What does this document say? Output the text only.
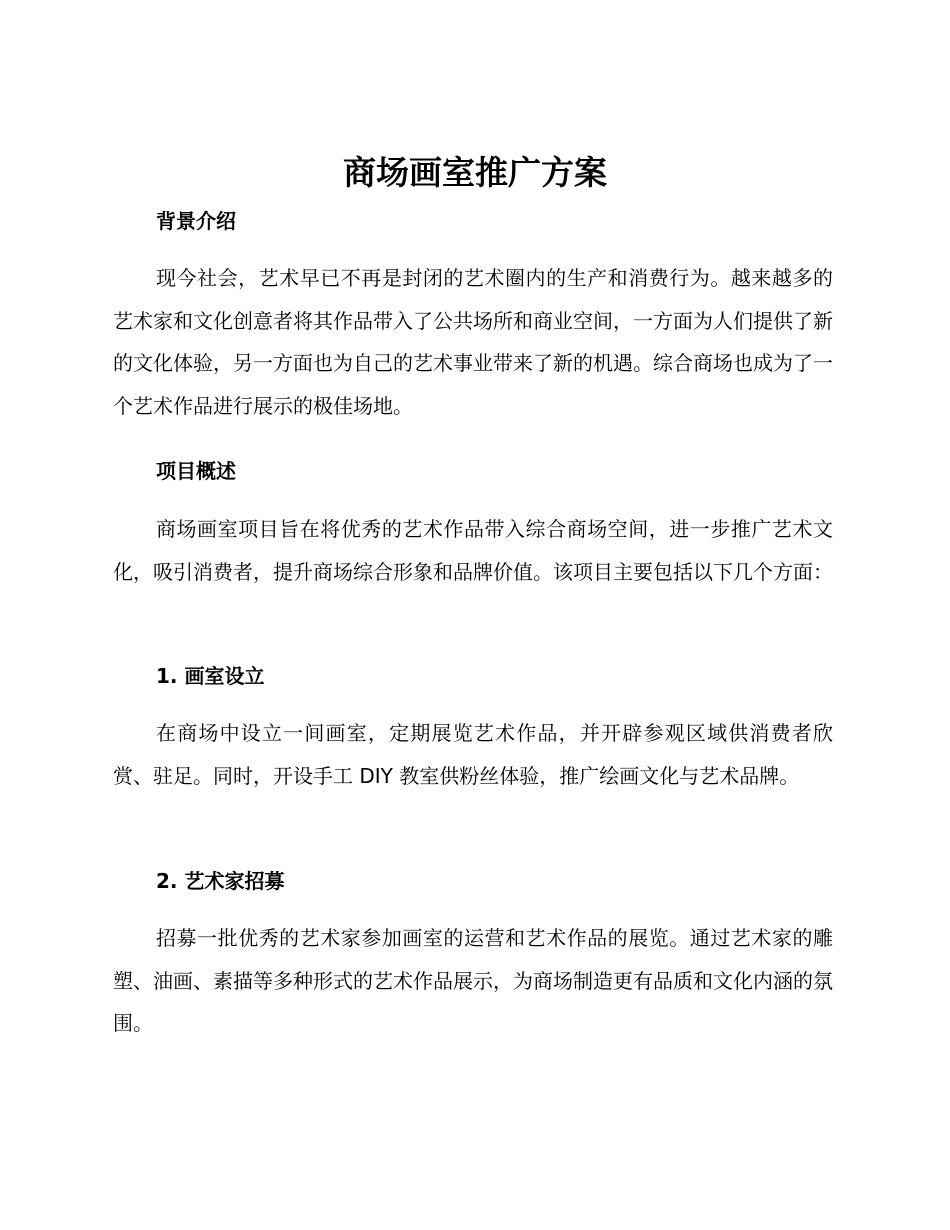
商场画室推广方案
背景介绍

现今社会，艺术早已不再是封闭的艺术圈内的生产和消费行为。越来越多的艺术家和文化创意者将其作品带入了公共场所和商业空间，一方面为人们提供了新的文化体验，另一方面也为自己的艺术事业带来了新的机遇。综合商场也成为了一个艺术作品进行展示的极佳场地。

项目概述

商场画室项目旨在将优秀的艺术作品带入综合商场空间，进一步推广艺术文化，吸引消费者，提升商场综合形象和品牌价值。该项目主要包括以下几个方面：

1. 画室设立

在商场中设立一间画室，定期展览艺术作品，并开辟参观区域供消费者欣赏、驻足。同时，开设手工 DIY 教室供粉丝体验，推广绘画文化与艺术品牌。

2. 艺术家招募

招募一批优秀的艺术家参加画室的运营和艺术作品的展览。通过艺术家的雕塑、油画、素描等多种形式的艺术作品展示，为商场制造更有品质和文化内涵的氛围。
